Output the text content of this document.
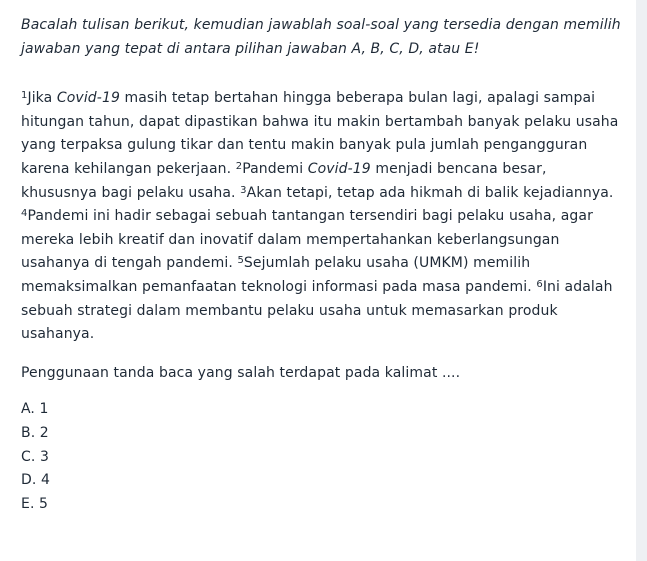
Bacalah tulisan berikut, kemudian jawablah soal-soal yang tersedia dengan memilih jawaban yang tepat di antara pilihan jawaban A, B, C, D, atau E!

$^1$Jika Covid-19 masih tetap bertahan hingga beberapa bulan lagi, apalagi sampai hitungan tahun, dapat dipastikan bahwa itu makin bertambah banyak pelaku usaha yang terpaksa gulung tikar dan tentu makin banyak pula jumlah pengangguran karena kehilangan pekerjaan. $^2$Pandemi Covid-19 menjadi bencana besar, khususnya bagi pelaku usaha. $^3$Akan tetapi, tetap ada hikmah di balik kejadiannya. $^4$Pandemi ini hadir sebagai sebuah tantangan tersendiri bagi pelaku usaha, agar mereka lebih kreatif dan inovatif dalam mempertahankan keberlangsungan usahanya di tengah pandemi. $^5$Sejumlah pelaku usaha (UMKM) memilih memaksimalkan pemanfaatan teknologi informasi pada masa pandemi. $^6$Ini adalah sebuah strategi dalam membantu pelaku usaha untuk memasarkan produk usahanya.

Penggunaan tanda baca yang salah terdapat pada kalimat ....

A. 1
B. 2
C. 3
D. 4
E. 5
